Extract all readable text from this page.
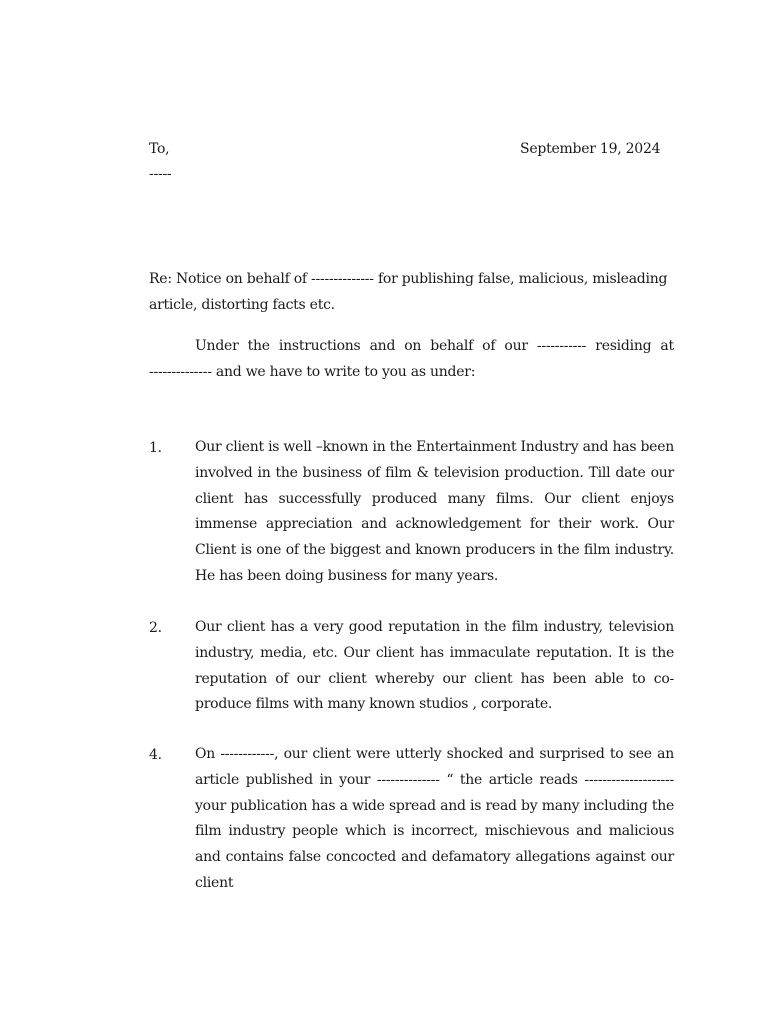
To,
-----
September 19, 2024
Re: Notice on behalf of -------------- for publishing false, malicious, misleading article, distorting facts etc.
Under the instructions and on behalf of our ----------- residing at
-------------- and we have to write to you as under:
1. Our client is well –known in the Entertainment Industry and has been involved in the business of film & television production. Till date our client has successfully produced many films. Our client enjoys immense appreciation and acknowledgement for their work. Our Client is one of the biggest and known producers in the film industry. He has been doing business for many years.
2. Our client has a very good reputation in the film industry, television industry, media, etc. Our client has immaculate reputation. It is the reputation of our client whereby our client has been able to co-produce films with many known studios , corporate.
4. On ------------, our client were utterly shocked and surprised to see an article published in your -------------- “ the article reads -------------------- your publication has a wide spread and is read by many including the film industry people which is incorrect, mischievous and malicious and contains false concocted and defamatory allegations against our client
